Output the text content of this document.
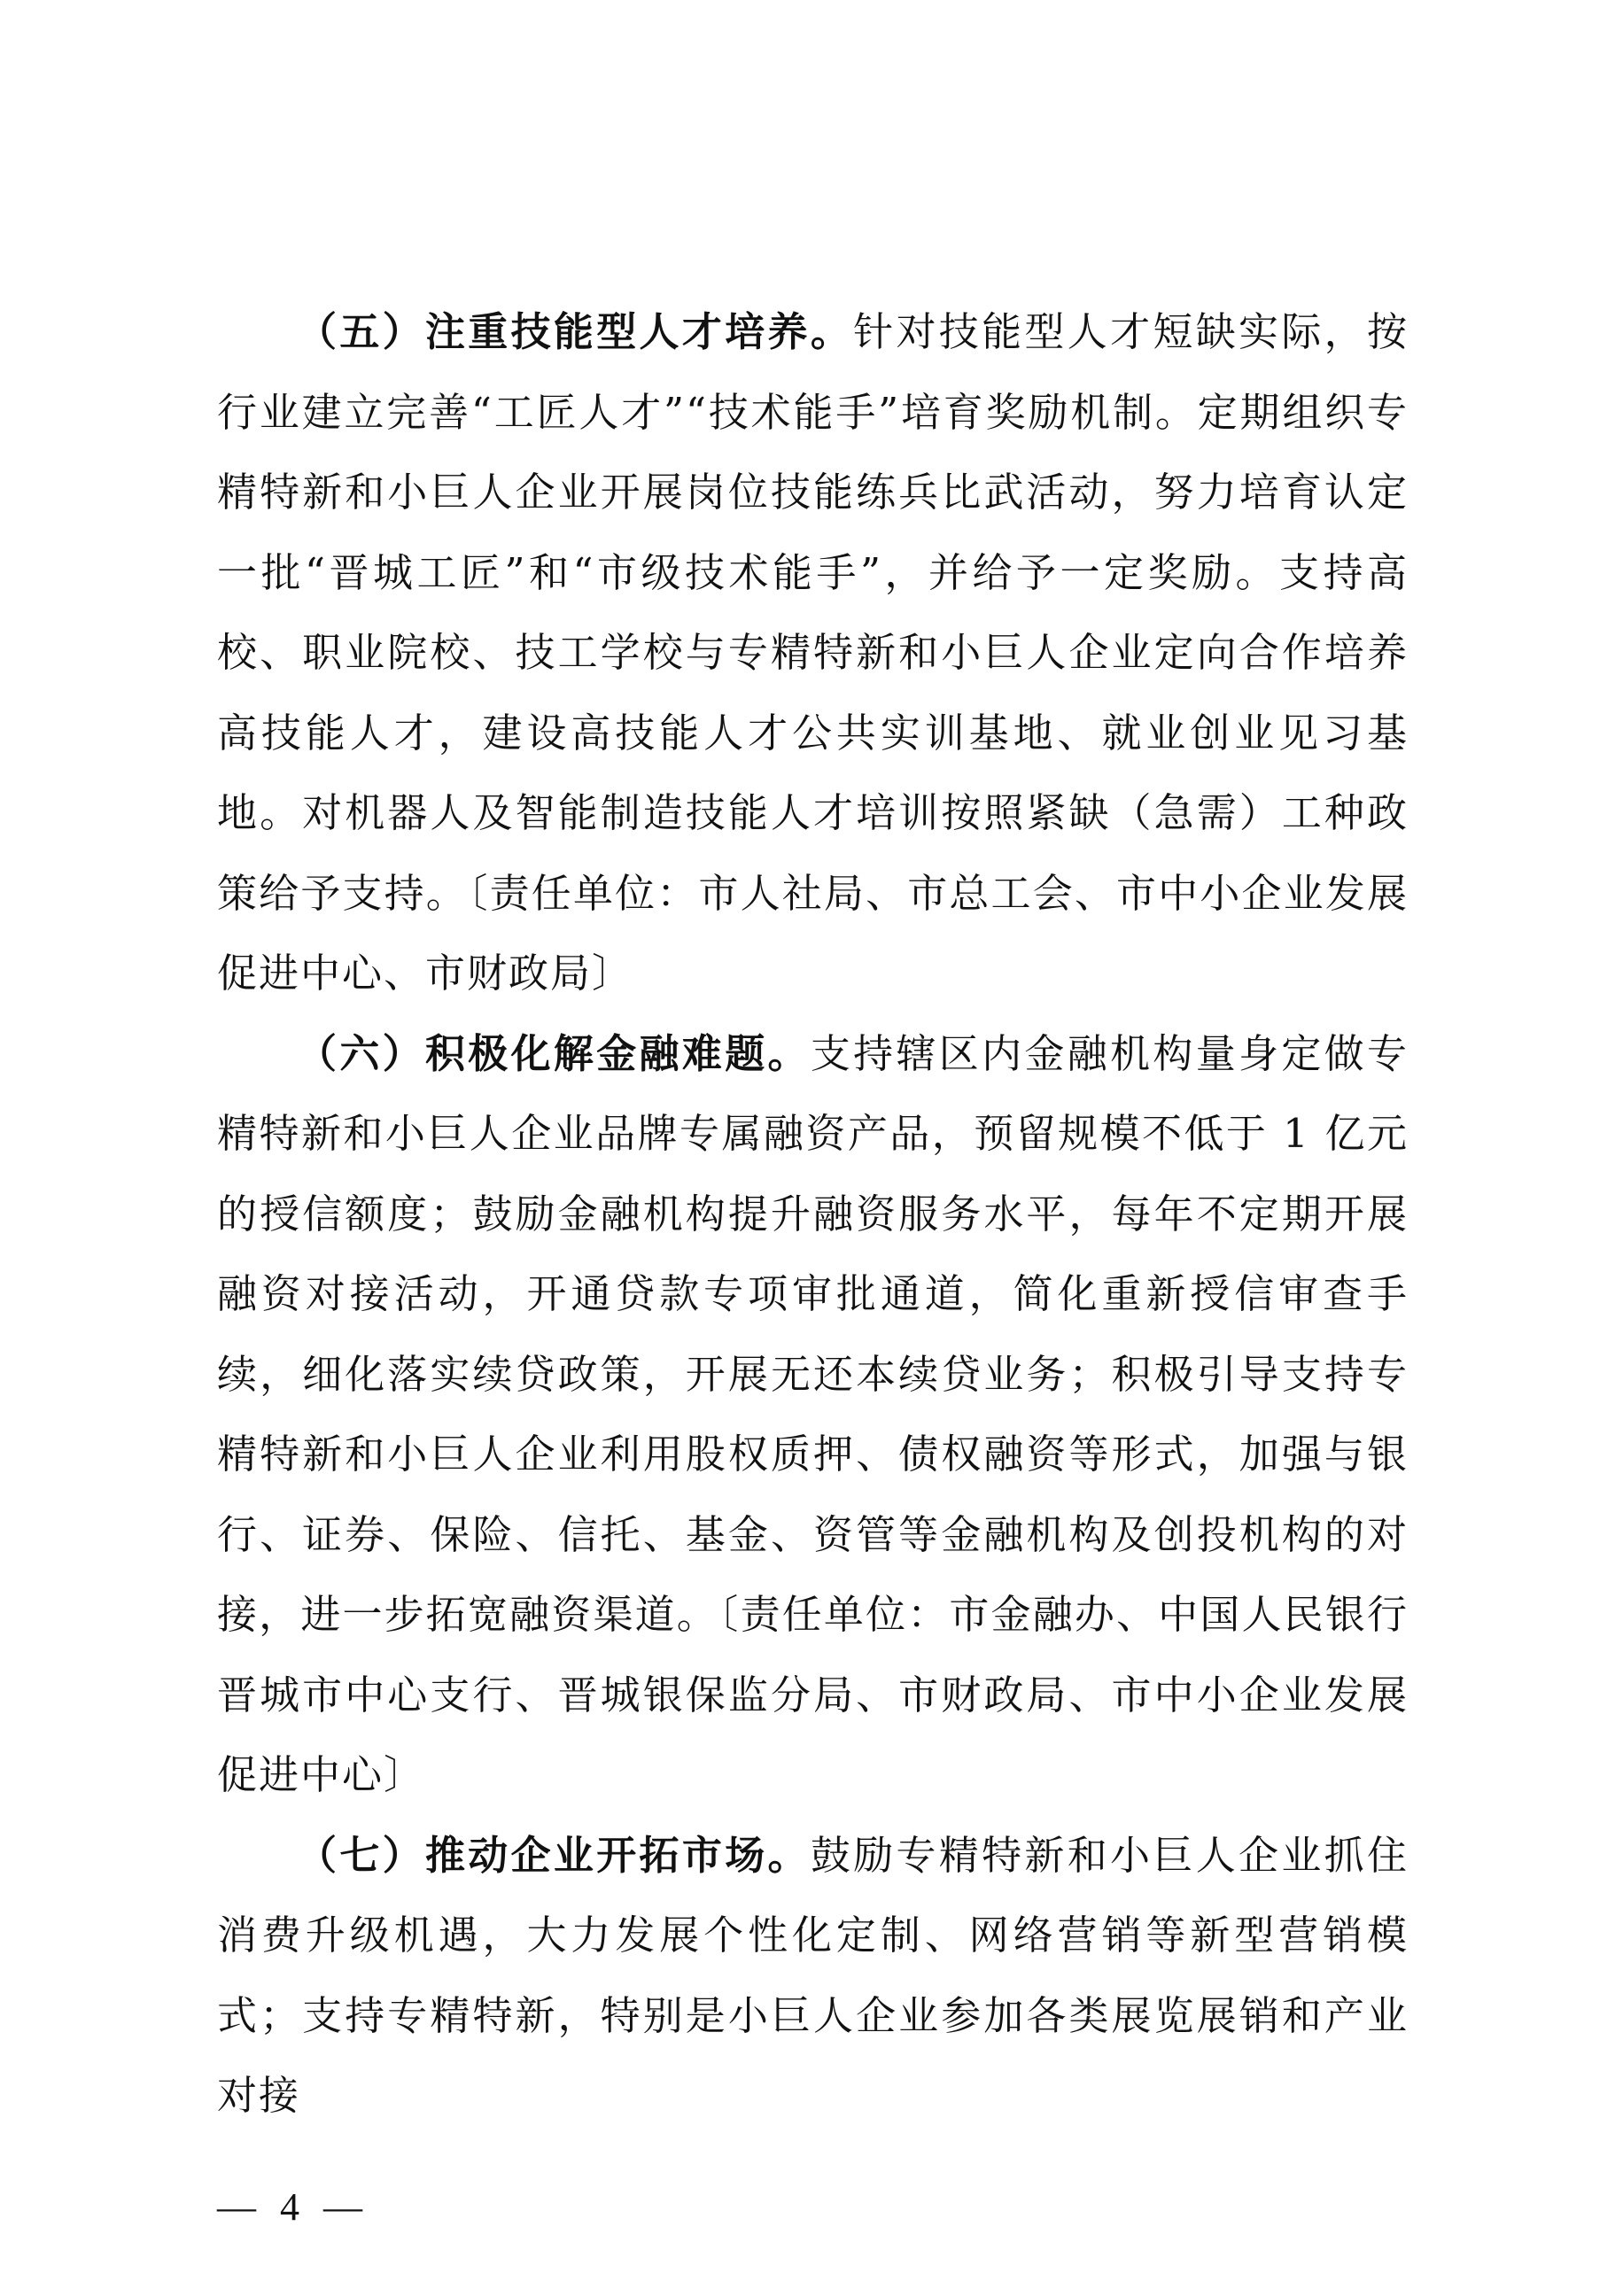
（五）注重技能型人才培养。针对技能型人才短缺实际，按行业建立完善“工匠人才”“技术能手”培育奖励机制。定期组织专精特新和小巨人企业开展岗位技能练兵比武活动，努力培育认定一批“晋城工匠”和“市级技术能手”，并给予一定奖励。支持高校、职业院校、技工学校与专精特新和小巨人企业定向合作培养高技能人才，建设高技能人才公共实训基地、就业创业见习基地。对机器人及智能制造技能人才培训按照紧缺（急需）工种政策给予支持。〔责任单位：市人社局、市总工会、市中小企业发展促进中心、市财政局〕

（六）积极化解金融难题。支持辖区内金融机构量身定做专精特新和小巨人企业品牌专属融资产品，预留规模不低于 1 亿元的授信额度；鼓励金融机构提升融资服务水平，每年不定期开展融资对接活动，开通贷款专项审批通道，简化重新授信审查手续，细化落实续贷政策，开展无还本续贷业务；积极引导支持专精特新和小巨人企业利用股权质押、债权融资等形式，加强与银行、证券、保险、信托、基金、资管等金融机构及创投机构的对接，进一步拓宽融资渠道。〔责任单位：市金融办、中国人民银行晋城市中心支行、晋城银保监分局、市财政局、市中小企业发展促进中心〕

（七）推动企业开拓市场。鼓励专精特新和小巨人企业抓住消费升级机遇，大力发展个性化定制、网络营销等新型营销模式；支持专精特新，特别是小巨人企业参加各类展览展销和产业对接

— 4 —
